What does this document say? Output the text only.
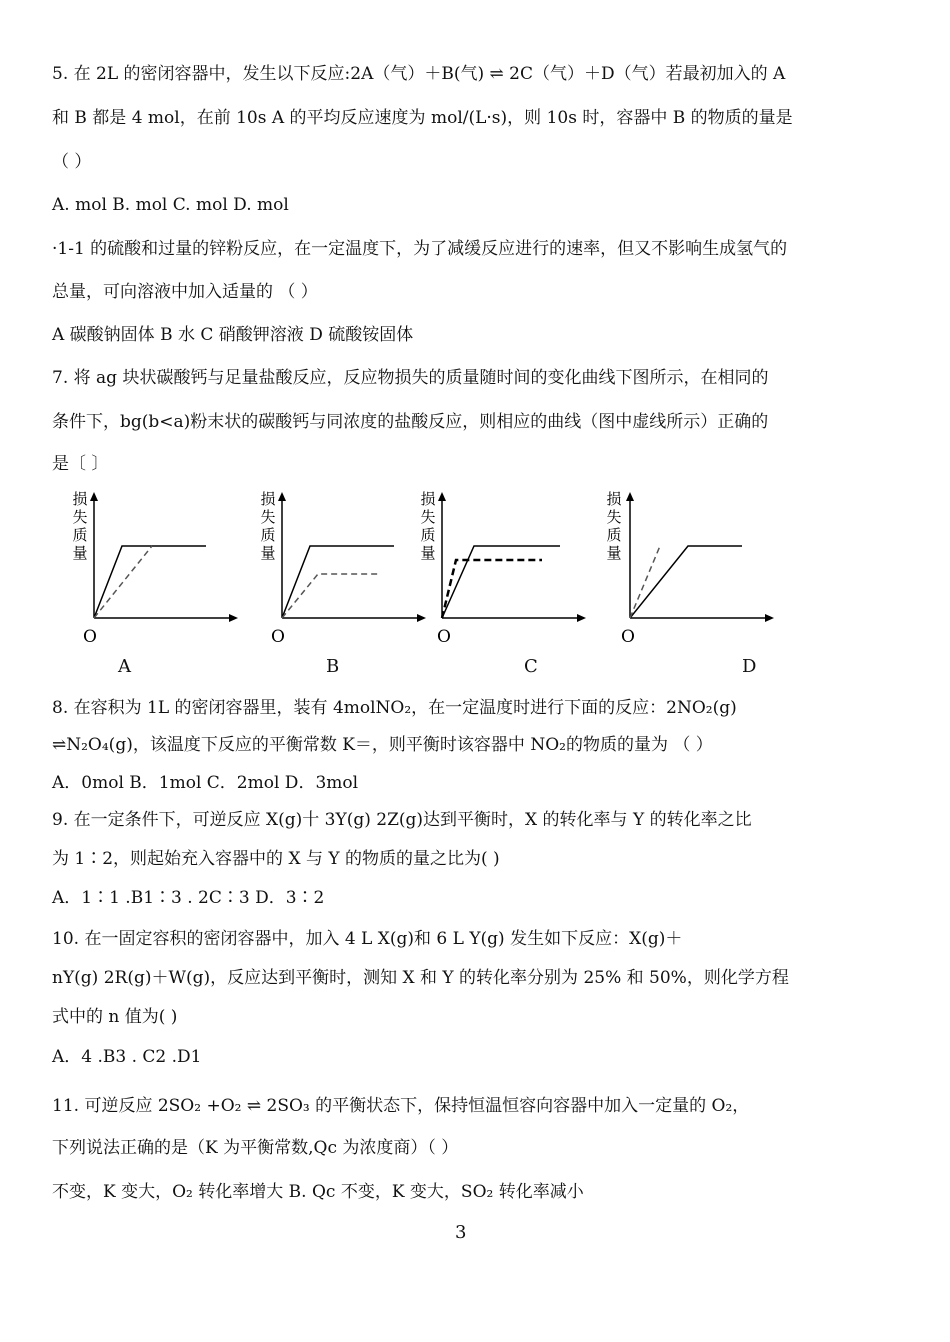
5. 在 2L 的密闭容器中，发生以下反应:2A（气）＋B(气) ⇌ 2C（气）＋D（气）若最初加入的 A
和 B 都是 4 mol，在前 10s A 的平均反应速度为 mol/(L·s)，则 10s 时，容器中 B 的物质的量是
（ ）
A. mol B. mol C. mol D. mol
·1-1 的硫酸和过量的锌粉反应，在一定温度下，为了减缓反应进行的速率，但又不影响生成氢气的
总量，可向溶液中加入适量的 （ ）
A 碳酸钠固体 B 水 C 硝酸钾溶液 D 硫酸铵固体
7. 将 ag 块状碳酸钙与足量盐酸反应，反应物损失的质量随时间的变化曲线下图所示，在相同的
条件下，bg(b<a)粉末状的碳酸钙与同浓度的盐酸反应，则相应的曲线（图中虚线所示）正确的
是〔 〕
损
失
质
量
O
A
损
失
质
量
O
B
损
失
质
量
O
C
损
失
质
量
O
D
8. 在容积为 1L 的密闭容器里，装有 4molNO₂，在一定温度时进行下面的反应：2NO₂(g)
⇌N₂O₄(g)，该温度下反应的平衡常数 K＝，则平衡时该容器中 NO₂的物质的量为 （ ）
A．0mol B．1mol C．2mol D．3mol
9. 在一定条件下，可逆反应 X(g)十 3Y(g) 2Z(g)达到平衡时，X 的转化率与 Y 的转化率之比
为 1∶2，则起始充入容器中的 X 与 Y 的物质的量之比为( )
A．1∶1 .B1∶3 . 2C∶3 D．3∶2
10. 在一固定容积的密闭容器中，加入 4 L X(g)和 6 L Y(g) 发生如下反应：X(g)＋
nY(g) 2R(g)＋W(g)，反应达到平衡时，测知 X 和 Y 的转化率分别为 25% 和 50%，则化学方程
式中的 n 值为( )
A．4 .B3 . C2 .D1
11. 可逆反应 2SO₂ +O₂ ⇌ 2SO₃ 的平衡状态下，保持恒温恒容向容器中加入一定量的 O₂，
下列说法正确的是（K 为平衡常数,Qc 为浓度商）（ ）
不变，K 变大，O₂ 转化率增大 B. Qc 不变，K 变大，SO₂ 转化率减小
3
